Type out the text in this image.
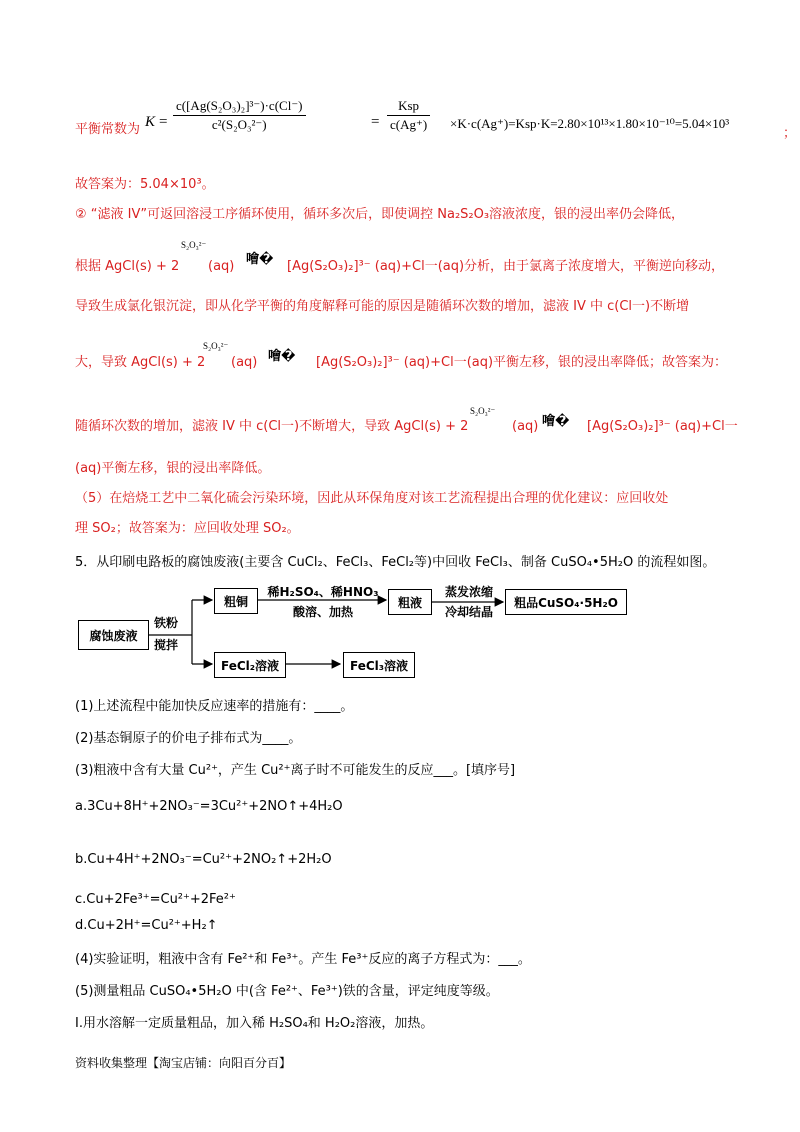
平衡常数为 $K = \frac{\text{c([Ag(S₂O₃)₂]³⁻)·c(Cl⁻)}}{\text{c²(S₂O₃²⁻)}}$	=
Ksp
c(Ag⁺) ×K·c(Ag⁺)=Ksp·K=2.80×10¹³×1.80×10⁻¹⁰=5.04×10³
；
故答案为：5.04×10³。
② “滤液 IV”可返回溶浸工序循环使用，循环多次后，即使调控 Na₂S₂O₃溶液浓度，银的浸出率仍会降低，
S₂O₃²⁻
根据 AgCl(s) + 2 (aq) 噲� [Ag(S₂O₃)₂]³⁻ (aq)+Cl一(aq)分析，由于氯离子浓度增大，平衡逆向移动，
导致生成氯化银沉淀，即从化学平衡的角度解释可能的原因是随循环次数的增加，滤液 IV 中 c(Cl一)不断增
S₂O₃²⁻
大，导致 AgCl(s) + 2 (aq) 噲� [Ag(S₂O₃)₂]³⁻ (aq)+Cl一(aq)平衡左移，银的浸出率降低；故答案为：
S₂O₃²⁻
随循环次数的增加，滤液 IV 中 c(Cl一)不断增大，导致 AgCl(s) + 2	(aq) 噲� [Ag(S₂O₃)₂]³⁻ (aq)+Cl一
(aq)平衡左移，银的浸出率降低。
（5）在焙烧工艺中二氧化硫会污染环境，因此从环保角度对该工艺流程提出合理的优化建议：应回收处
理 SO₂；故答案为：应回收处理 SO₂。
5．从印刷电路板的腐蚀废液(主要含 CuCl₂、FeCl₃、FeCl₂等)中回收 FeCl₃、制备 CuSO₄•5H₂O 的流程如图。
腐蚀废液
铁粉
搅拌
粗铜
稀H₂SO₄、稀HNO₃
酸溶、加热
粗液
蒸发浓缩
冷却结晶
粗品CuSO₄·5H₂O
FeCl₂溶液	FeCl₃溶液
(1)上述流程中能加快反应速率的措施有：____。
(2)基态铜原子的价电子排布式为____。
(3)粗液中含有大量 Cu²⁺，产生 Cu²⁺离子时不可能发生的反应___。[填序号]
a.3Cu+8H⁺+2NO₃⁻=3Cu²⁺+2NO↑+4H₂O
b.Cu+4H⁺+2NO₃⁻=Cu²⁺+2NO₂↑+2H₂O
c.Cu+2Fe³⁺=Cu²⁺+2Fe²⁺
d.Cu+2H⁺=Cu²⁺+H₂↑
(4)实验证明，粗液中含有 Fe²⁺和 Fe³⁺。产生 Fe³⁺反应的离子方程式为：___。
(5)测量粗品 CuSO₄•5H₂O 中(含 Fe²⁺、Fe³⁺)铁的含量，评定纯度等级。
Ⅰ.用水溶解一定质量粗品，加入稀 H₂SO₄和 H₂O₂溶液，加热。
资料收集整理【淘宝店铺：向阳百分百】
